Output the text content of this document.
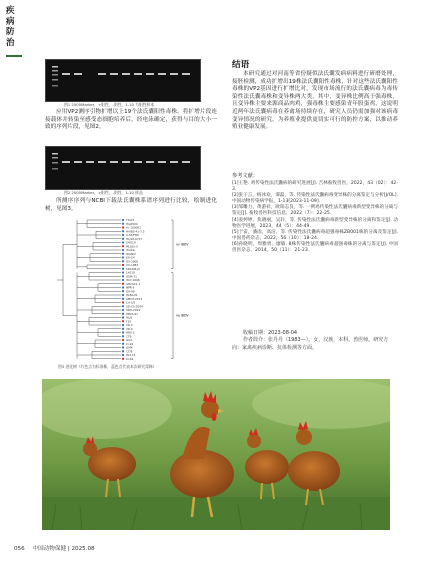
疾
病
防
治
图1 2000Marker，+阳性，-阴性，1-10 为阳性样本
应用VP2测序引物扩增以上19个法氏囊阳性毒株，将扩增片段连接载体并转染至感受态细胞培养后，经电泳确定，获得与目的大小一致的序列片段，见图2。
图2 2000Marker，+阳性，-阴性，1-10 样品
所测序序列与NCBI下载法氏囊株系谱序列进行比较，绘制进化树，见图3。
TS-03
HLJ0504
Ac 100002
HAIBS-41-7.5
A-53/FMC
HLJ18-0717
SHG19
MLL05-S
Harbin
QIAN/2
EX-G4
GX-2008
VU-1983
SDCSM-J3
LX010
GSM-71
HCY-1996
AHCS15-1
NPR-5
GX-99
HLBL-01
AMOT-2013
CA-5/5
SD-CS-2004
SDH-2019
HBLS-91
HLJ5
F10
VR-3
VR-9
HBS-2
CT6
GX3
Cl-22
JLM4
CT/8
HLT-72
Cl-42
vv IBDV
va IBDV
图3 进化树（红色点为标准株，蓝色点代表本次研究毒株）
结语
本研究通过对河南等省份疑似法氏囊发病病料进行研磨处理，接胚检测，成功扩增出19株法氏囊阳性毒株，针对这些法氏囊阳性毒株的VP2基因进行扩增比对，发现市场流行的法氏囊病毒为毒传染性法氏囊毒株和变异株两大类，其中，变异株比例高于强毒株，且变异株主要来源商品肉鸡，强毒株主要感染青年股蛋鸡，这说明近两年法氏囊病毒在养禽场持续存在，研究人员仍需加强对该病毒变异情况的研究，为养殖业提供更切实可行的防控方案，以推动养殖业健康发展。
参考文献：
[1]王艳. 鸡传染性法氏囊病的研究进展[J]. 吉林畜牧兽医，2022，43（02）：42-3.
[2]张子言，杨冰欢，谭磊，等. 传染性法氏囊病毒变异株的分离鉴定与分析[J/OL]. 中国动物传染病学报，1-13[2023-11-09].
[3]邹雕力，黄游祥，欧阳志良，等. 一例鸡传染性法氏囊病毒新型变异株的分离与鉴定[J]. 畜牧兽医科技信息，2022（7）：22-25.
[4]姜婷婷，焦晓丽，吴轩，等. 传染性法氏囊病毒新型变异株的分离和鉴定[J]. 动物医学进展，2023，44（5）：44-49.
[5]于雷，潘雨，高洁，等. 传染性法氏囊病毒超强毒株ZB001株的分离及鉴定[J]. 中国兽药杂志，2022，56（10）：18-24.
[6]孙晓明，周雅勇，廖敏. 8株传染性法氏囊病毒超强毒株的分离与鉴定[J]. 中国兽医杂志，2014，50（11）：21-23.
收稿日期：2023-08-04
作者简介：张丹丹（1983—），女，汉族，本科，兽医师。研究方向：家禽疾病诊断、抗体检测等方面。
056 中国动物保健 | 2025.08
